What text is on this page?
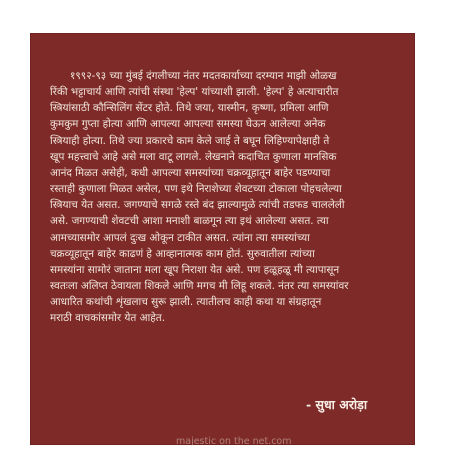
१९९२-९३ च्या मुंबई दंगलीच्या नंतर मदतकार्याच्या दरम्यान माझी ओळख
रिंकी भट्टाचार्य आणि त्यांची संस्था 'हेल्प' यांच्याशी झाली. 'हेल्प' हे अत्याचारीत
स्त्रियांसाठी कौन्सिलिंग सेंटर होते. तिथे जया, यास्मीन, कृष्णा, प्रमिला आणि
कुमकुम गुप्ता होत्या आणि आपल्या आपल्या समस्या घेऊन आलेल्या अनेक
स्त्रियाही होत्या. तिथे ज्या प्रकारचे काम केले जाई ते बघून लिहिण्यापेक्षाही ते
खूप महत्त्वाचे आहे असे मला वाटू लागले. लेखनाने कदाचित कुणाला मानसिक
आनंद मिळत असेही, कधी आपल्या समस्यांच्या चक्रव्यूहातून बाहेर पडण्याचा
रस्ताही कुणाला मिळत असेल, पण इथे निराशेच्या शेवटच्या टोकाला पोहचलेल्या
स्त्रियाच येत असत. जगण्याचे सगळे रस्ते बंद झाल्यामुळे त्यांची तडफड चाललेली
असे. जगण्याची शेवटची आशा मनाशी बाळगून त्या इथं आलेल्या असत. त्या
आमच्यासमोर आपलं दुःख ओकून टाकीत असत. त्यांना त्या समस्यांच्या
चक्रव्यूहातून बाहेर काढणं हे आव्हानात्मक काम होतं. सुरुवातीला त्यांच्या
समस्यांना सामोरं जाताना मला खूप निराशा येत असे. पण हळूहळू मी त्यापासून
स्वतःला अलिप्त ठेवायला शिकले आणि मगच मी लिहू शकले. नंतर त्या समस्यांवर
आधारित कथांची शृंखलाच सुरू झाली. त्यातीलच काही कथा या संग्रहातून
मराठी वाचकांसमोर येत आहेत.
- सुधा अरोड़ा
majestic on the net.com
